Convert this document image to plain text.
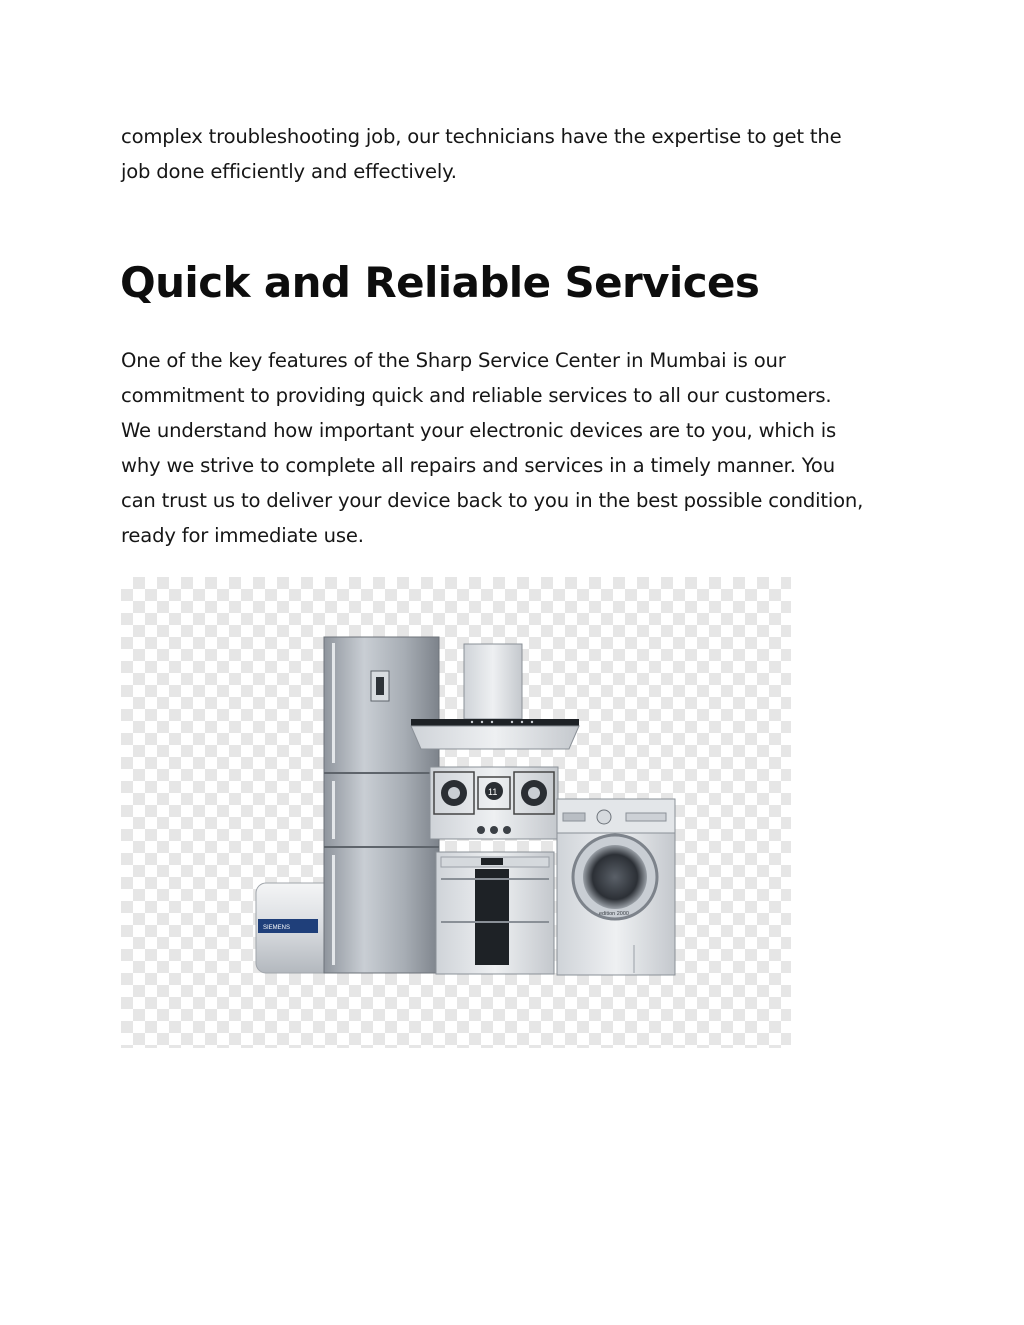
complex troubleshooting job, our technicians have the expertise to get the
job done efficiently and effectively.

Quick and Reliable Services

One of the key features of the Sharp Service Center in Mumbai is our
commitment to providing quick and reliable services to all our customers.
We understand how important your electronic devices are to you, which is
why we strive to complete all repairs and services in a timely manner. You
can trust us to deliver your device back to you in the best possible condition,
ready for immediate use.

SIEMENS
11
edition 2000
